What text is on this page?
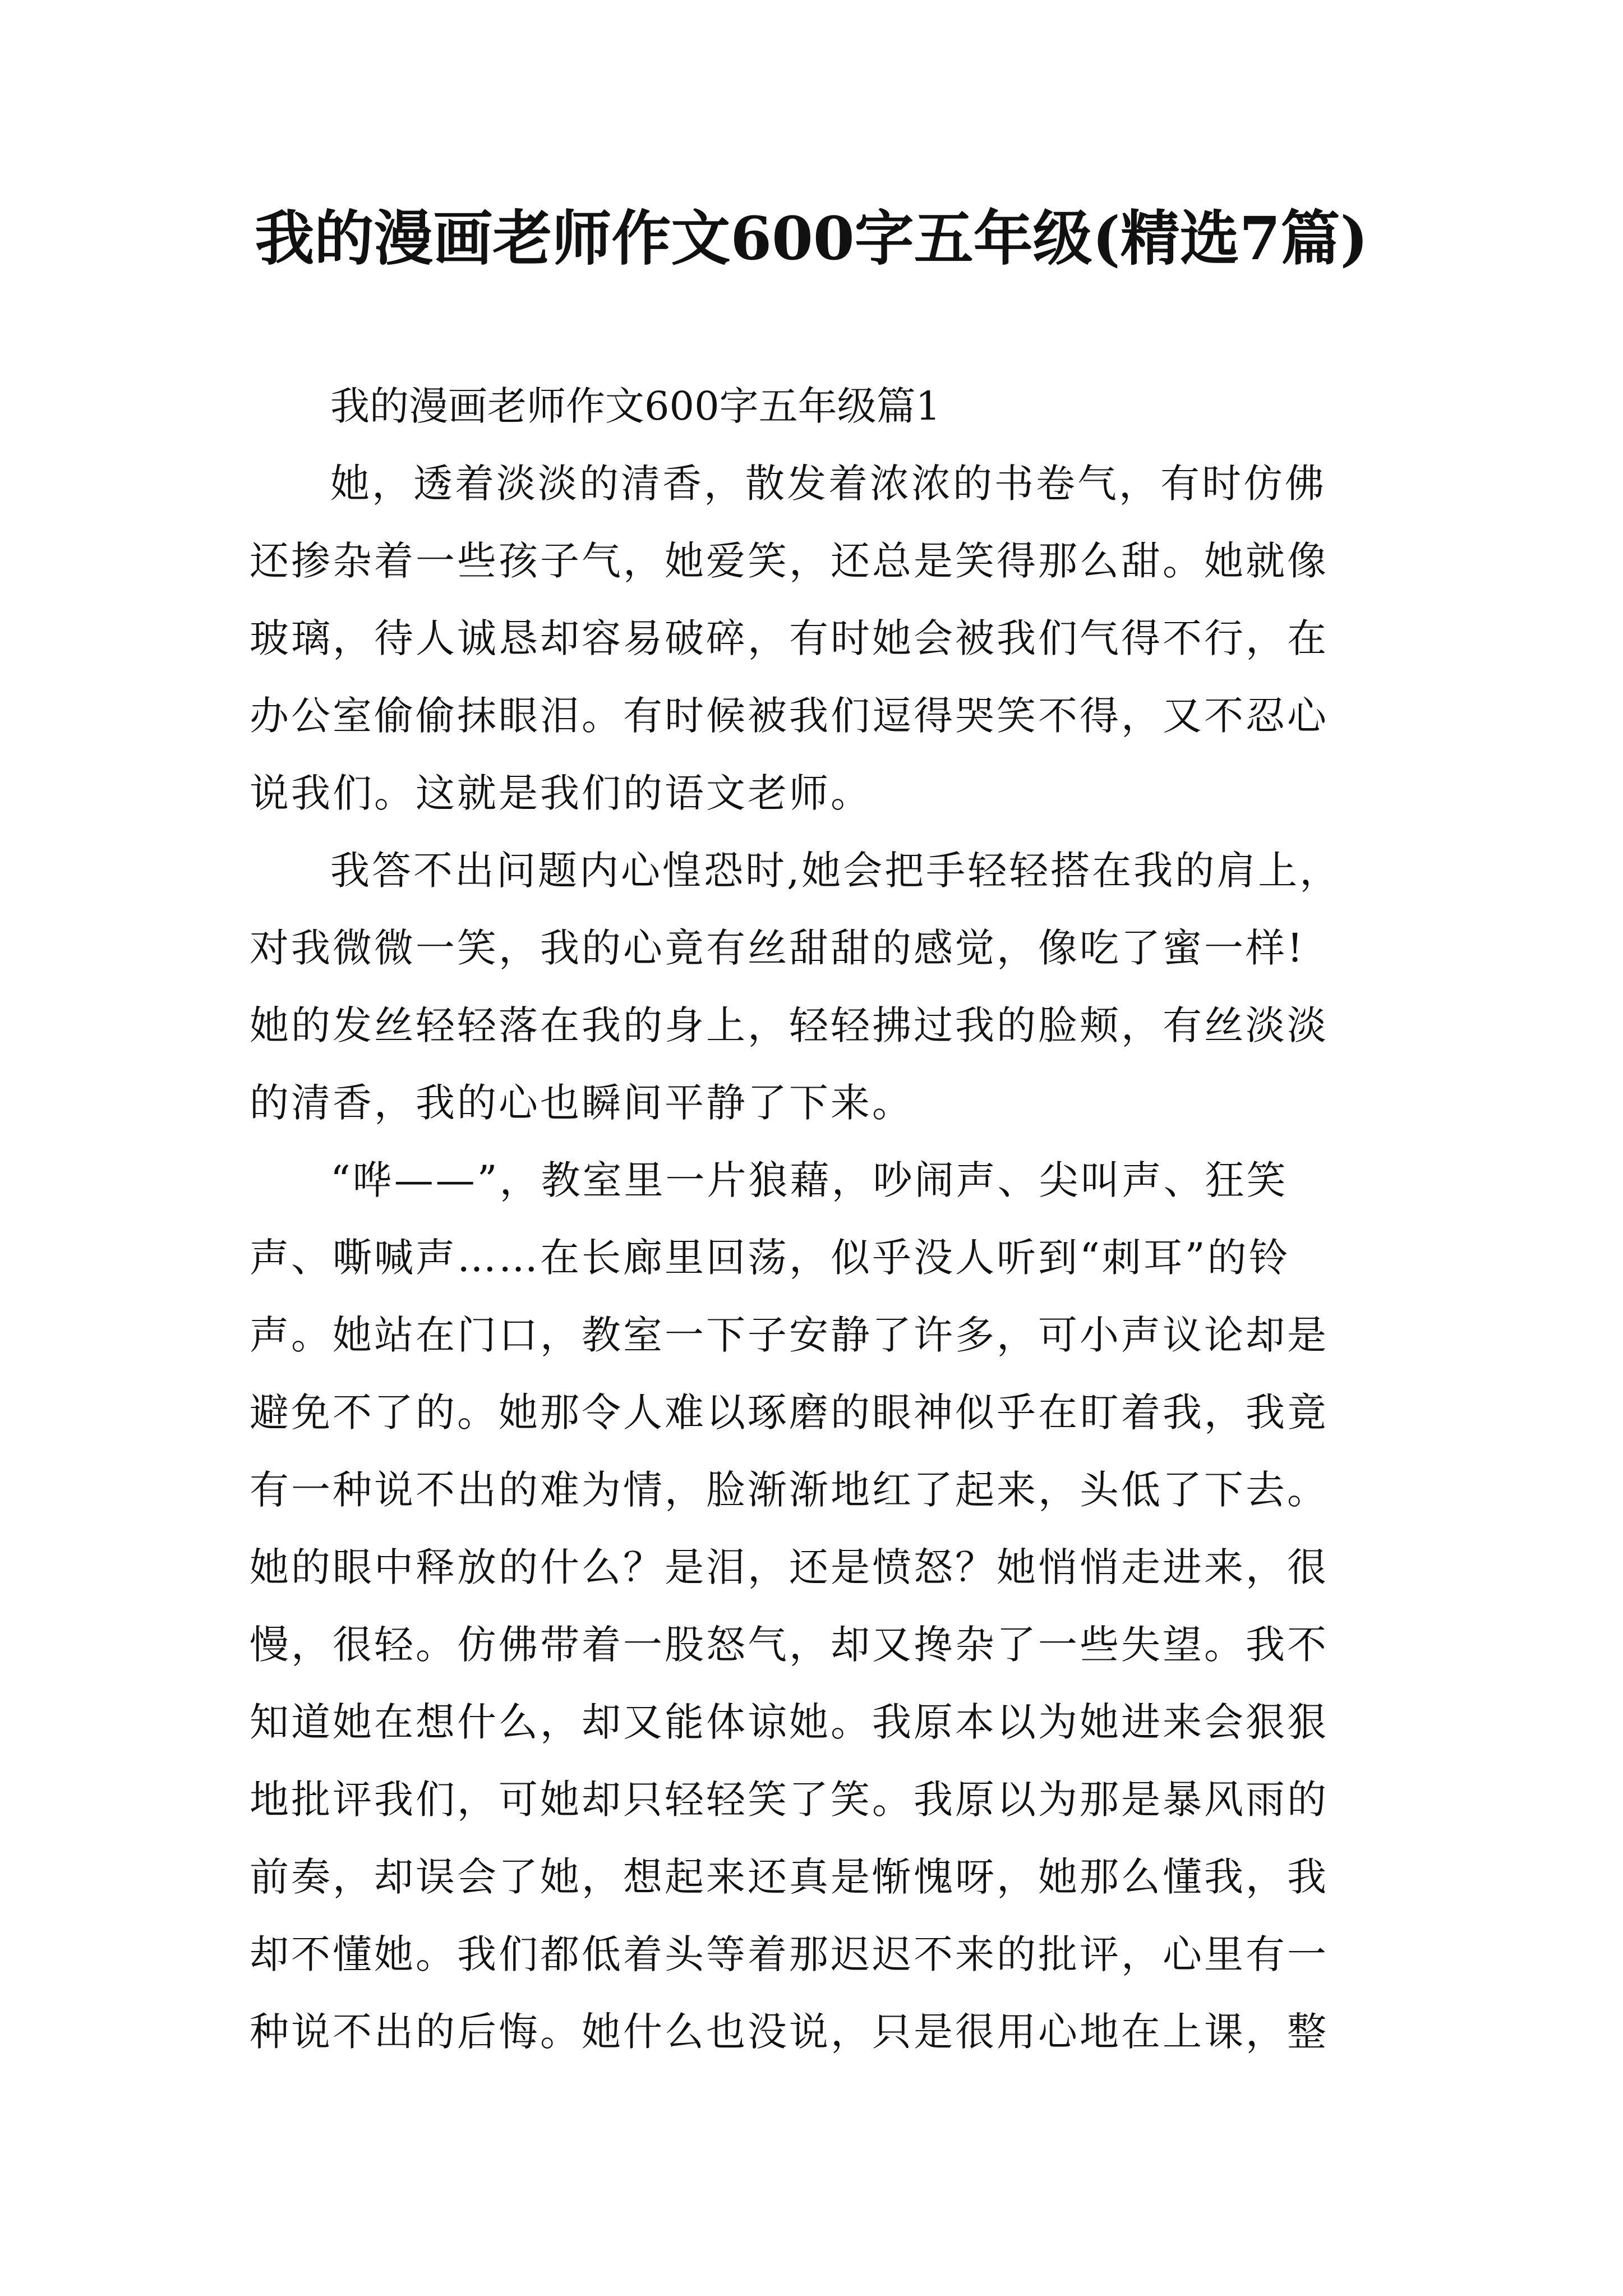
我的漫画老师作文600字五年级(精选7篇)

我的漫画老师作文600字五年级篇1

她，透着淡淡的清香，散发着浓浓的书卷气，有时仿佛
还掺杂着一些孩子气，她爱笑，还总是笑得那么甜。她就像
玻璃，待人诚恳却容易破碎，有时她会被我们气得不行，在
办公室偷偷抹眼泪。有时候被我们逗得哭笑不得，又不忍心
说我们。这就是我们的语文老师。

我答不出问题内心惶恐时,她会把手轻轻搭在我的肩上，
对我微微一笑，我的心竟有丝甜甜的感觉，像吃了蜜一样!
她的发丝轻轻落在我的身上，轻轻拂过我的脸颊，有丝淡淡
的清香，我的心也瞬间平静了下来。

“哗——”，教室里一片狼藉，吵闹声、尖叫声、狂笑
声、嘶喊声……在长廊里回荡，似乎没人听到“刺耳”的铃
声。她站在门口，教室一下子安静了许多，可小声议论却是
避免不了的。她那令人难以琢磨的眼神似乎在盯着我，我竟
有一种说不出的难为情，脸渐渐地红了起来，头低了下去。
她的眼中释放的什么？是泪，还是愤怒？她悄悄走进来，很
慢，很轻。仿佛带着一股怒气，却又搀杂了一些失望。我不
知道她在想什么，却又能体谅她。我原本以为她进来会狠狠
地批评我们，可她却只轻轻笑了笑。我原以为那是暴风雨的
前奏，却误会了她，想起来还真是惭愧呀，她那么懂我，我
却不懂她。我们都低着头等着那迟迟不来的批评，心里有一
种说不出的后悔。她什么也没说，只是很用心地在上课，整
